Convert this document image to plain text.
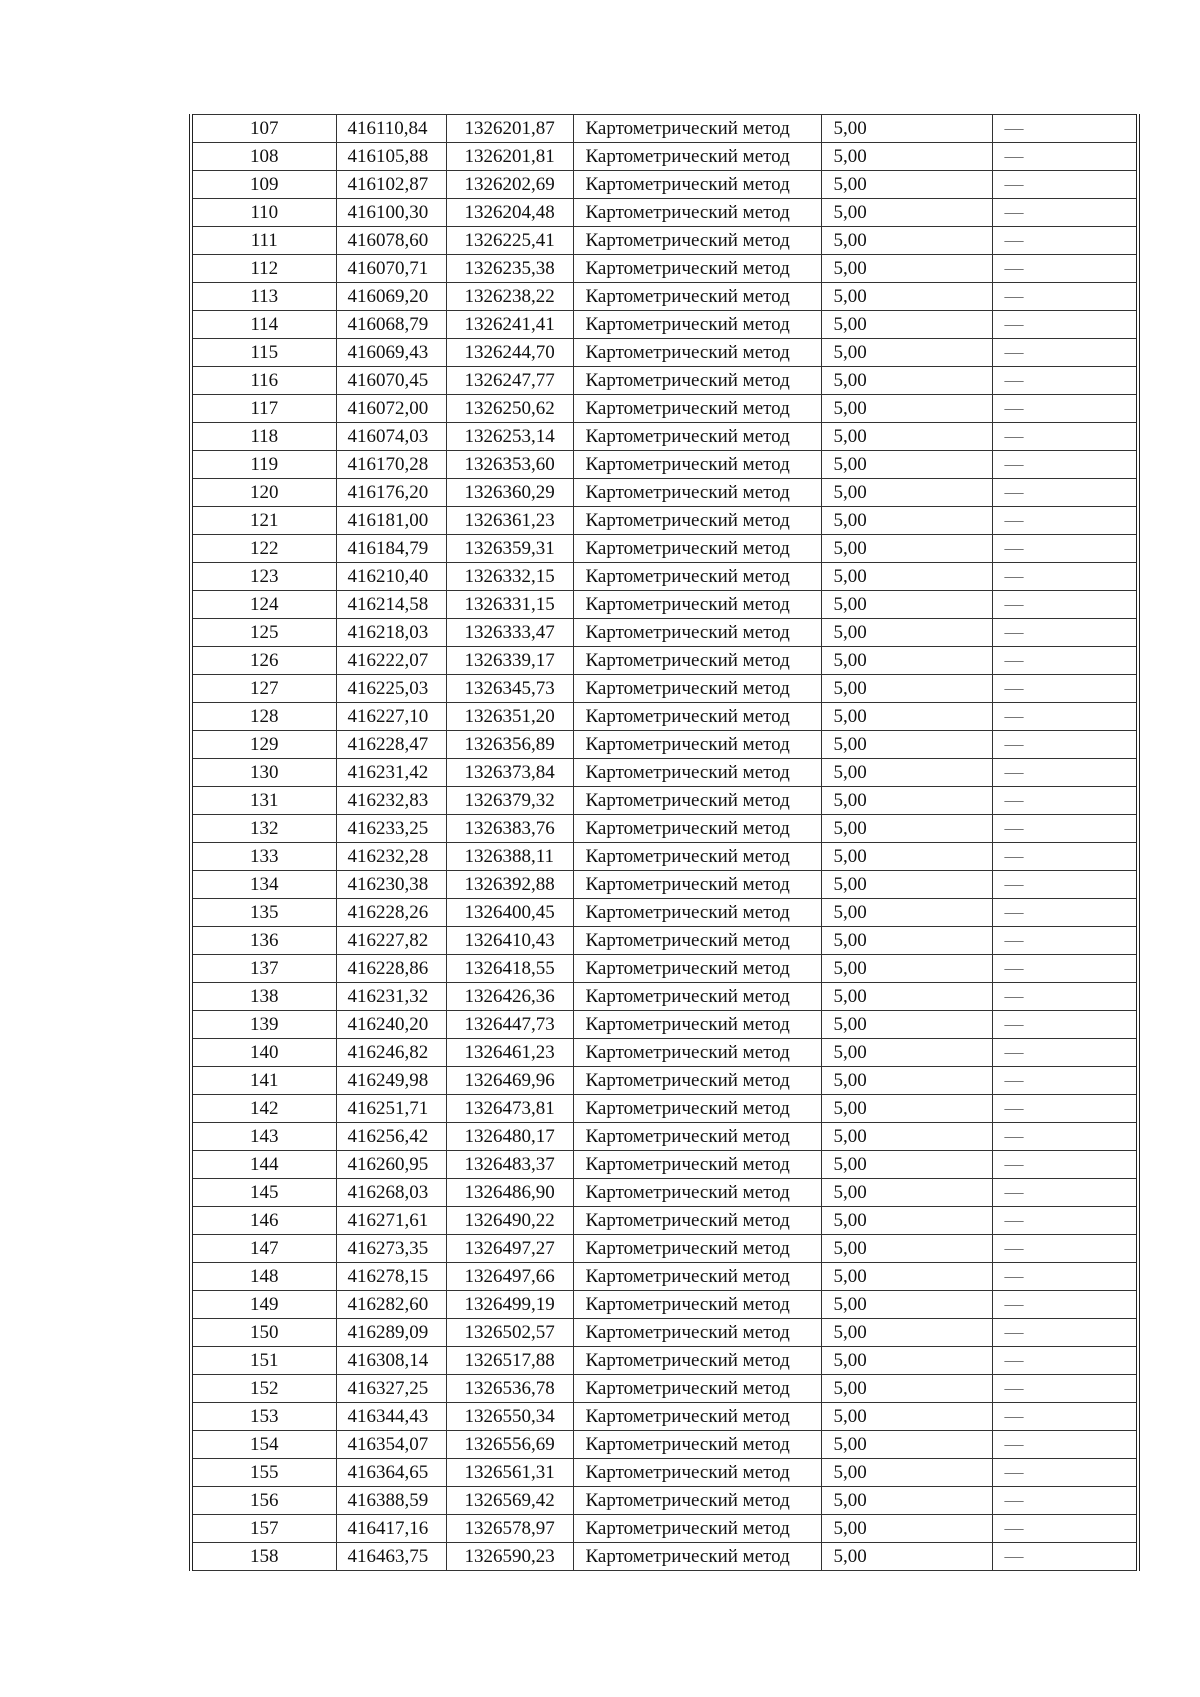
107	416110,84	1326201,87	Картометрический метод	5,00	—
108	416105,88	1326201,81	Картометрический метод	5,00	—
109	416102,87	1326202,69	Картометрический метод	5,00	—
110	416100,30	1326204,48	Картометрический метод	5,00	—
111	416078,60	1326225,41	Картометрический метод	5,00	—
112	416070,71	1326235,38	Картометрический метод	5,00	—
113	416069,20	1326238,22	Картометрический метод	5,00	—
114	416068,79	1326241,41	Картометрический метод	5,00	—
115	416069,43	1326244,70	Картометрический метод	5,00	—
116	416070,45	1326247,77	Картометрический метод	5,00	—
117	416072,00	1326250,62	Картометрический метод	5,00	—
118	416074,03	1326253,14	Картометрический метод	5,00	—
119	416170,28	1326353,60	Картометрический метод	5,00	—
120	416176,20	1326360,29	Картометрический метод	5,00	—
121	416181,00	1326361,23	Картометрический метод	5,00	—
122	416184,79	1326359,31	Картометрический метод	5,00	—
123	416210,40	1326332,15	Картометрический метод	5,00	—
124	416214,58	1326331,15	Картометрический метод	5,00	—
125	416218,03	1326333,47	Картометрический метод	5,00	—
126	416222,07	1326339,17	Картометрический метод	5,00	—
127	416225,03	1326345,73	Картометрический метод	5,00	—
128	416227,10	1326351,20	Картометрический метод	5,00	—
129	416228,47	1326356,89	Картометрический метод	5,00	—
130	416231,42	1326373,84	Картометрический метод	5,00	—
131	416232,83	1326379,32	Картометрический метод	5,00	—
132	416233,25	1326383,76	Картометрический метод	5,00	—
133	416232,28	1326388,11	Картометрический метод	5,00	—
134	416230,38	1326392,88	Картометрический метод	5,00	—
135	416228,26	1326400,45	Картометрический метод	5,00	—
136	416227,82	1326410,43	Картометрический метод	5,00	—
137	416228,86	1326418,55	Картометрический метод	5,00	—
138	416231,32	1326426,36	Картометрический метод	5,00	—
139	416240,20	1326447,73	Картометрический метод	5,00	—
140	416246,82	1326461,23	Картометрический метод	5,00	—
141	416249,98	1326469,96	Картометрический метод	5,00	—
142	416251,71	1326473,81	Картометрический метод	5,00	—
143	416256,42	1326480,17	Картометрический метод	5,00	—
144	416260,95	1326483,37	Картометрический метод	5,00	—
145	416268,03	1326486,90	Картометрический метод	5,00	—
146	416271,61	1326490,22	Картометрический метод	5,00	—
147	416273,35	1326497,27	Картометрический метод	5,00	—
148	416278,15	1326497,66	Картометрический метод	5,00	—
149	416282,60	1326499,19	Картометрический метод	5,00	—
150	416289,09	1326502,57	Картометрический метод	5,00	—
151	416308,14	1326517,88	Картометрический метод	5,00	—
152	416327,25	1326536,78	Картометрический метод	5,00	—
153	416344,43	1326550,34	Картометрический метод	5,00	—
154	416354,07	1326556,69	Картометрический метод	5,00	—
155	416364,65	1326561,31	Картометрический метод	5,00	—
156	416388,59	1326569,42	Картометрический метод	5,00	—
157	416417,16	1326578,97	Картометрический метод	5,00	—
158	416463,75	1326590,23	Картометрический метод	5,00	—
